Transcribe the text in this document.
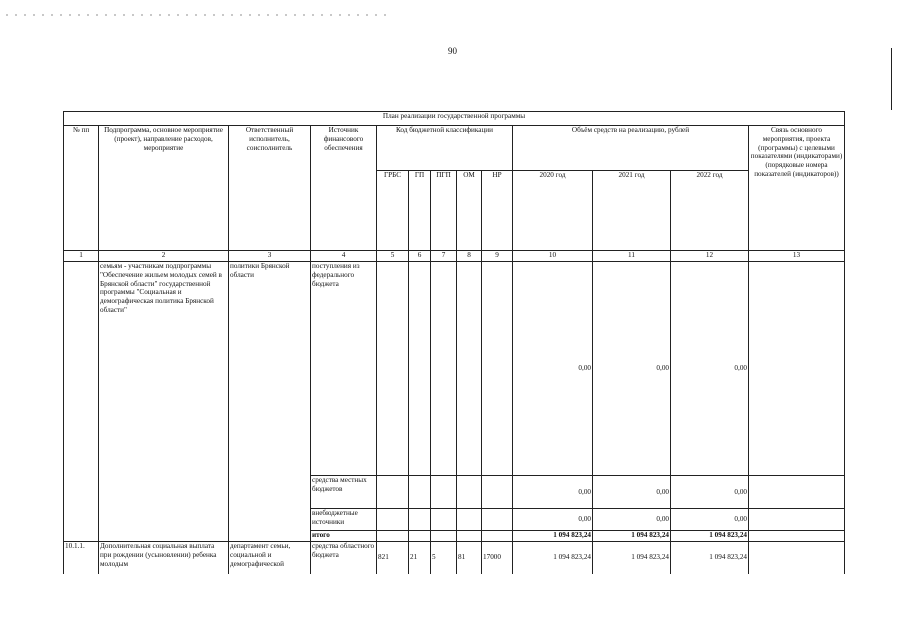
90
План реализации государственной программы												
№ пп	Подпрограмма, основное мероприятие (проект), направление расходов, мероприятие	Ответственный исполнитель, соисполнитель	Источник финансового обеспечения	Код бюджетной классификации					Объём средств на реализацию, рублей			Связь основного мероприятия, проекта (программы) с целевыми показателями (индикаторами) (порядковые номера показателей (индикаторов))
				ГРБС	ГП	ПГП	ОМ	НР	2020 год	2021 год	2022 год	
1	2	3	4	5	6	7	8	9	10	11	12	13
	семьям - участникам подпрограммы "Обеспечение жильем молодых семей в Брянской области" государственной программы "Социальная и демографическая политика Брянской области"	политики Брянской области	поступления из федерального бюджета						0,00	0,00	0,00	
			средства местных бюджетов						0,00	0,00	0,00	
			внебюджетные источники						0,00	0,00	0,00	
			итого						1 094 823,24	1 094 823,24	1 094 823,24	
10.1.1.	Дополнительная социальная выплата при рождении (усыновлении) ребенка молодым	департамент семьи, социальной и демографической	средства областного бюджета	821	21	5	81	17000	1 094 823,24	1 094 823,24	1 094 823,24	
